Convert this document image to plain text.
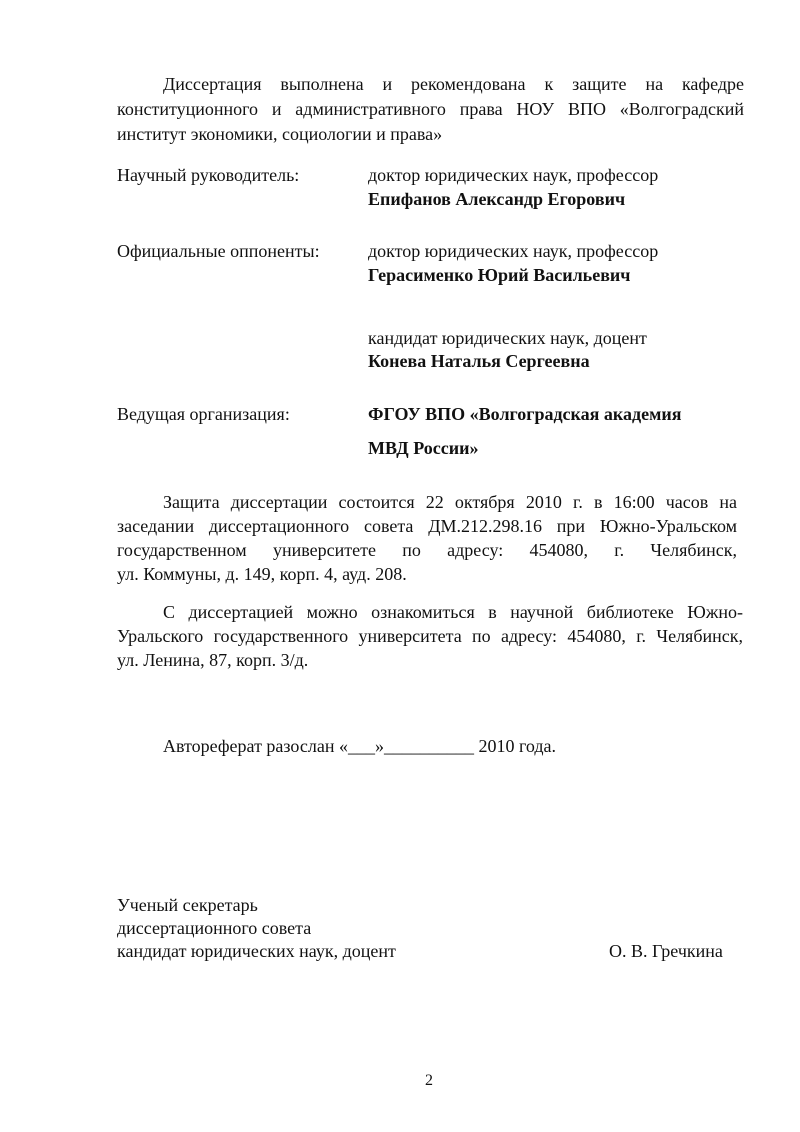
Диссертация выполнена и рекомендована к защите на кафедре
конституционного и административного права НОУ ВПО «Волгоградский
институт экономики, социологии и права»
Научный руководитель:	доктор юридических наук, профессор
Епифанов Александр Егорович
Официальные оппоненты:	доктор юридических наук, профессор
Герасименко Юрий Васильевич
кандидат юридических наук, доцент
Конева Наталья Сергеевна
Ведущая организация:	ФГОУ ВПО «Волгоградская академия
МВД России»
Защита диссертации состоится 22 октября 2010 г. в 16:00 часов на
заседании диссертационного совета ДМ.212.298.16 при Южно-Уральском
государственном университете по адресу: 454080, г. Челябинск,
ул. Коммуны, д. 149, корп. 4, ауд. 208.
С диссертацией можно ознакомиться в научной библиотеке Южно-
Уральского государственного университета по адресу: 454080, г. Челябинск,
ул. Ленина, 87, корп. 3/д.
Автореферат разослан «___»__________ 2010 года.
Ученый секретарь
диссертационного совета
кандидат юридических наук, доцент	О. В. Гречкина
2
